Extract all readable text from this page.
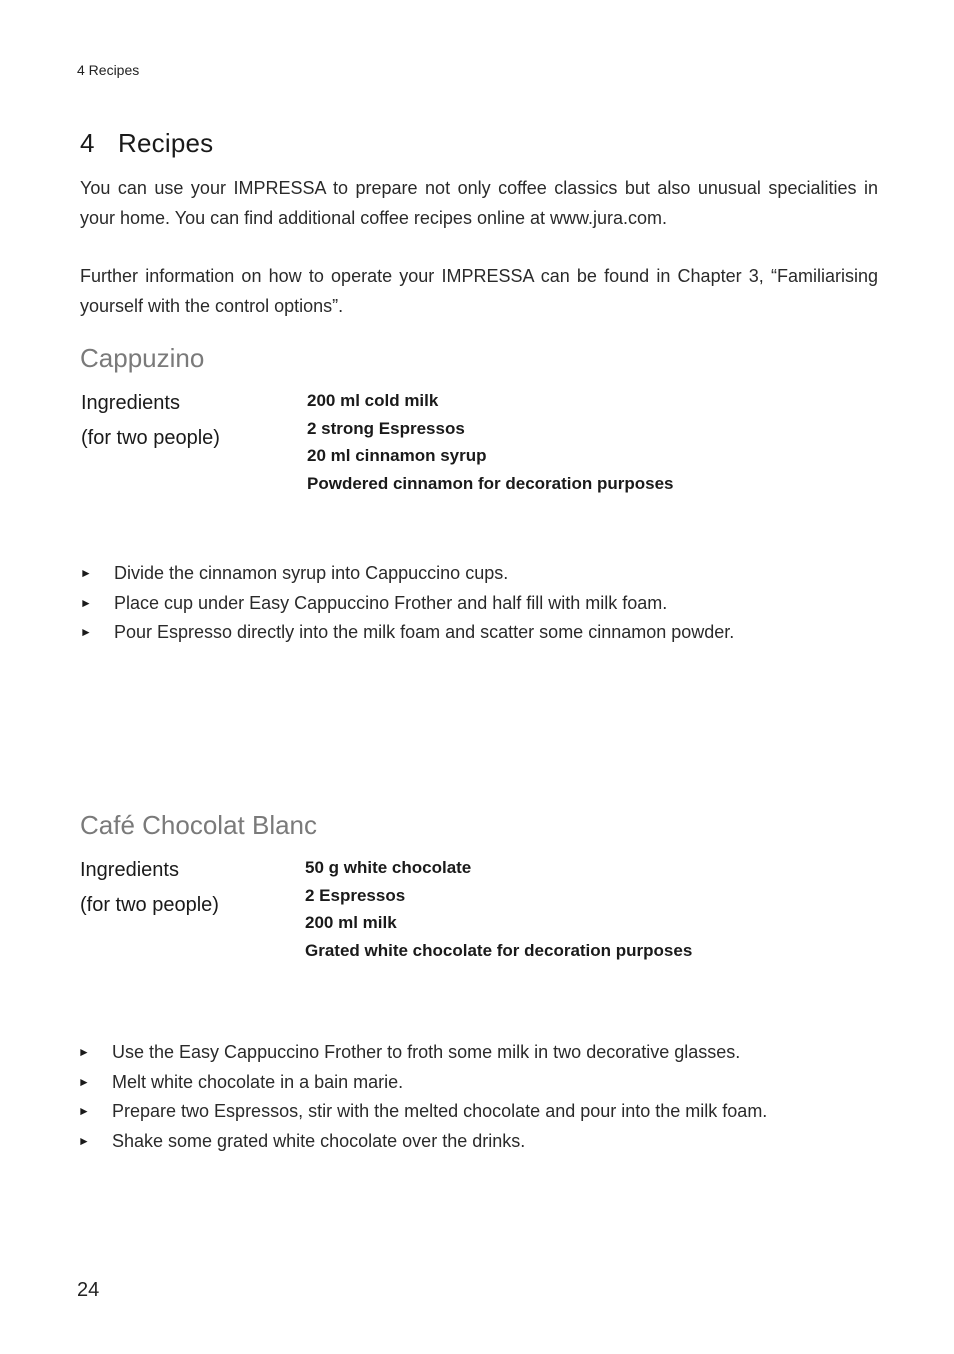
4 Recipes
4 Recipes

You can use your IMPRESSA to prepare not only coffee classics but also unusual specialities in your home. You can find additional coffee recipes online at www.jura.com.

Further information on how to operate your IMPRESSA can be found in Chapter 3, “Familiarising yourself with the control options”.

Cappuzino
Ingredients
(for two people)
200 ml cold milk
2 strong Espressos
20 ml cinnamon syrup
Powdered cinnamon for decoration purposes
► Divide the cinnamon syrup into Cappuccino cups.
► Place cup under Easy Cappuccino Frother and half fill with milk foam.
► Pour Espresso directly into the milk foam and scatter some cinnamon powder.
Café Chocolat Blanc
Ingredients
(for two people)
50 g white chocolate
2 Espressos
200 ml milk
Grated white chocolate for decoration purposes
► Use the Easy Cappuccino Frother to froth some milk in two decorative glasses.
► Melt white chocolate in a bain marie.
► Prepare two Espressos, stir with the melted chocolate and pour into the milk foam.
► Shake some grated white chocolate over the drinks.
24
